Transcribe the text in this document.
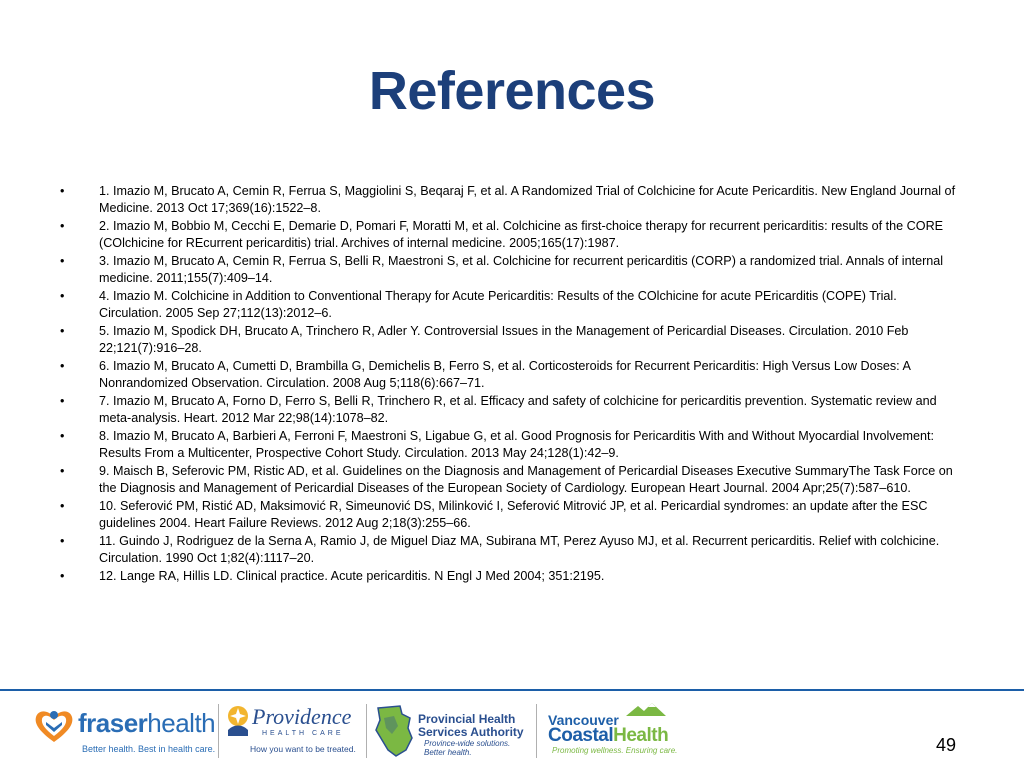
References
•	1. Imazio M, Brucato A, Cemin R, Ferrua S, Maggiolini S, Beqaraj F, et al. A Randomized Trial of Colchicine for Acute Pericarditis. New England Journal of Medicine. 2013 Oct 17;369(16):1522–8.
•	2. Imazio M, Bobbio M, Cecchi E, Demarie D, Pomari F, Moratti M, et al. Colchicine as first-choice therapy for recurrent pericarditis: results of the CORE (COlchicine for REcurrent pericarditis) trial. Archives of internal medicine. 2005;165(17):1987.
•	3. Imazio M, Brucato A, Cemin R, Ferrua S, Belli R, Maestroni S, et al. Colchicine for recurrent pericarditis (CORP) a randomized trial. Annals of internal medicine. 2011;155(7):409–14.
•	4. Imazio M. Colchicine in Addition to Conventional Therapy for Acute Pericarditis: Results of the COlchicine for acute PEricarditis (COPE) Trial. Circulation. 2005 Sep 27;112(13):2012–6.
•	5. Imazio M, Spodick DH, Brucato A, Trinchero R, Adler Y. Controversial Issues in the Management of Pericardial Diseases. Circulation. 2010 Feb 22;121(7):916–28.
•	6. Imazio M, Brucato A, Cumetti D, Brambilla G, Demichelis B, Ferro S, et al. Corticosteroids for Recurrent Pericarditis: High Versus Low Doses: A Nonrandomized Observation. Circulation. 2008 Aug 5;118(6):667–71.
•	7. Imazio M, Brucato A, Forno D, Ferro S, Belli R, Trinchero R, et al. Efficacy and safety of colchicine for pericarditis prevention. Systematic review and meta-analysis. Heart. 2012 Mar 22;98(14):1078–82.
•	8. Imazio M, Brucato A, Barbieri A, Ferroni F, Maestroni S, Ligabue G, et al. Good Prognosis for Pericarditis With and Without Myocardial Involvement: Results From a Multicenter, Prospective Cohort Study. Circulation. 2013 May 24;128(1):42–9.
•	9. Maisch B, Seferovic PM, Ristic AD, et al. Guidelines on the Diagnosis and Management of Pericardial Diseases Executive SummaryThe Task Force on the Diagnosis and Management of Pericardial Diseases of the European Society of Cardiology. European Heart Journal. 2004 Apr;25(7):587–610.
•	10. Seferović PM, Ristić AD, Maksimović R, Simeunović DS, Milinković I, Seferović Mitrović JP, et al. Pericardial syndromes: an update after the ESC guidelines 2004. Heart Failure Reviews. 2012 Aug 2;18(3):255–66.
•	11. Guindo J, Rodriguez de la Serna A, Ramio J, de Miguel Diaz MA, Subirana MT, Perez Ayuso MJ, et al. Recurrent pericarditis. Relief with colchicine. Circulation. 1990 Oct 1;82(4):1117–20.
•	12. Lange RA, Hillis LD. Clinical practice. Acute pericarditis. N Engl J Med 2004; 351:2195.
fraserhealth
Better health. Best in health care.
Providence
HEALTH CARE
How you want to be treated.
Provincial Health
Services Authority
Province-wide solutions.
Better health.
Vancouver
CoastalHealth
Promoting wellness. Ensuring care.	49
